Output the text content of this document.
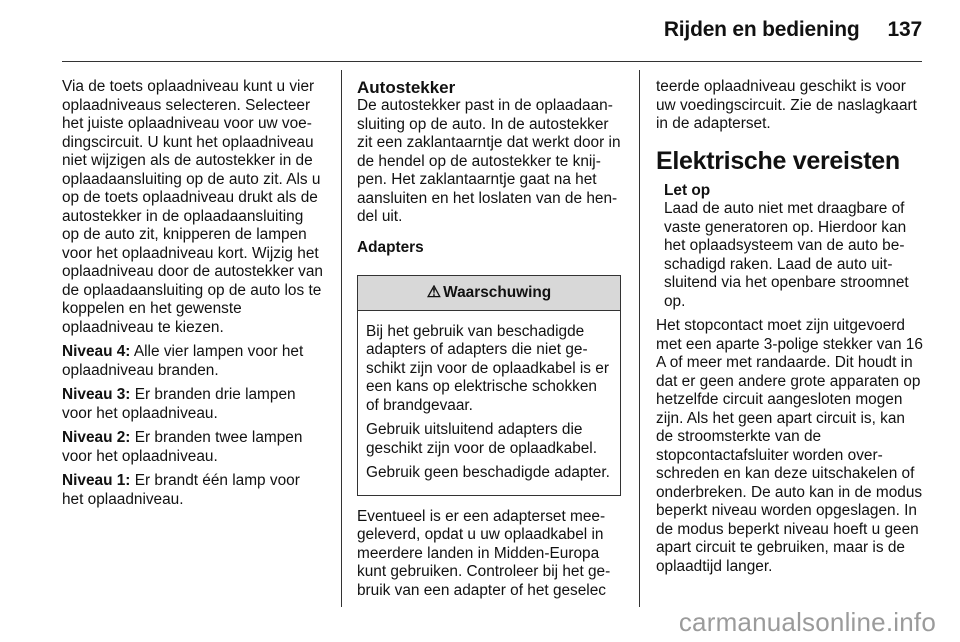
Rijden en bediening 137

Via de toets oplaadniveau kunt u vier oplaadniveaus selecteren. Selecteer het juiste oplaadniveau voor uw voedingscircuit. U kunt het oplaadniveau niet wijzigen als de autostekker in de oplaadaansluiting op de auto zit. Als u op de toets oplaadniveau drukt als de autostekker in de oplaadaansluiting op de auto zit, knipperen de lampen voor het oplaadniveau kort. Wijzig het oplaadniveau door de autostekker van de oplaadaansluiting op de auto los te koppelen en het gewenste oplaadniveau te kiezen.

Niveau 4: Alle vier lampen voor het oplaadniveau branden.

Niveau 3: Er branden drie lampen voor het oplaadniveau.

Niveau 2: Er branden twee lampen voor het oplaadniveau.

Niveau 1: Er brandt één lamp voor het oplaadniveau.

Autostekker

De autostekker past in de oplaadaansluiting op de auto. In de autostekker zit een zaklantaarntje dat werkt door in de hendel op de autostekker te knijpen. Het zaklantaarntje gaat na het aansluiten en het loslaten van de hendel uit.

Adapters
⚠ Waarschuwing

Bij het gebruik van beschadigde adapters of adapters die niet geschikt zijn voor de oplaadkabel is er een kans op elektrische schokken of brandgevaar.

Gebruik uitsluitend adapters die geschikt zijn voor de oplaadkabel.

Gebruik geen beschadigde adapter.

Eventueel is er een adapterset meegeleverd, opdat u uw oplaadkabel in meerdere landen in Midden-Europa kunt gebruiken. Controleer bij het gebruik van een adapter of het geselec

teerde oplaadniveau geschikt is voor uw voedingscircuit. Zie de naslagkaart in de adapterset.

Elektrische vereisten
Let op

Laad de auto niet met draagbare of vaste generatoren op. Hierdoor kan het oplaadsysteem van de auto beschadigd raken. Laad de auto uitsluitend via het openbare stroomnet op.

Het stopcontact moet zijn uitgevoerd met een aparte 3-polige stekker van 16 A of meer met randaarde. Dit houdt in dat er geen andere grote apparaten op hetzelfde circuit aangesloten mogen zijn. Als het geen apart circuit is, kan de stroomsterkte van de stopcontactafsluiter worden overschreden en kan deze uitschakelen of onderbreken. De auto kan in de modus beperkt niveau worden opgeslagen. In de modus beperkt niveau hoeft u geen apart circuit te gebruiken, maar is de oplaadtijd langer.

carmanualsonline.info
